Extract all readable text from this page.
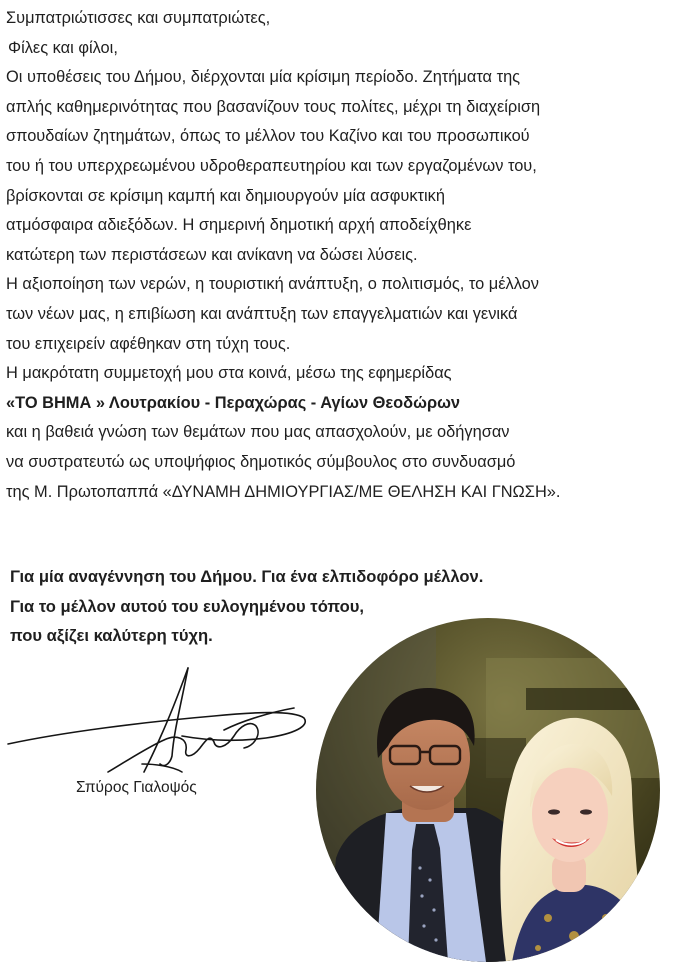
Συμπατριώτισσες και συμπατριώτες,

Φίλες και φίλοι,

Οι υποθέσεις του Δήμου, διέρχονται μία κρίσιμη περίοδο. Ζητήματα της

απλής καθημερινότητας που βασανίζουν τους πολίτες, μέχρι τη διαχείριση

σπουδαίων ζητημάτων, όπως το μέλλον του Καζίνο και του προσωπικού

του ή του υπερχρεωμένου υδροθεραπευτηρίου και των εργαζομένων του,

βρίσκονται σε κρίσιμη καμπή και δημιουργούν μία ασφυκτική

ατμόσφαιρα αδιεξόδων. Η σημερινή δημοτική αρχή αποδείχθηκε

κατώτερη των περιστάσεων και ανίκανη να δώσει λύσεις.

Η αξιοποίηση των νερών, η τουριστική ανάπτυξη, ο πολιτισμός, το μέλλον

των νέων μας, η επιβίωση και ανάπτυξη των επαγγελματιών και γενικά

του επιχειρείν αφέθηκαν στη τύχη τους.

Η μακρότατη συμμετοχή μου στα κοινά, μέσω της εφημερίδας

«ΤΟ ΒΗΜΑ » Λουτρακίου - Περαχώρας - Αγίων Θεοδώρων

και η βαθειά γνώση των θεμάτων που μας απασχολούν, με οδήγησαν

να συστρατευτώ ως υποψήφιος δημοτικός σύμβουλος στο συνδυασμό

της Μ. Πρωτοπαππά «ΔΥΝΑΜΗ ΔΗΜΙΟΥΡΓΙΑΣ/ΜΕ ΘΕΛΗΣΗ ΚΑΙ ΓΝΩΣΗ».

Για μία αναγέννηση του Δήμου. Για ένα ελπιδοφόρο μέλλον.

Για το μέλλον αυτού του ευλογημένου τόπου,

που αξίζει καλύτερη τύχη.

Σπύρος Γιαλοψός
